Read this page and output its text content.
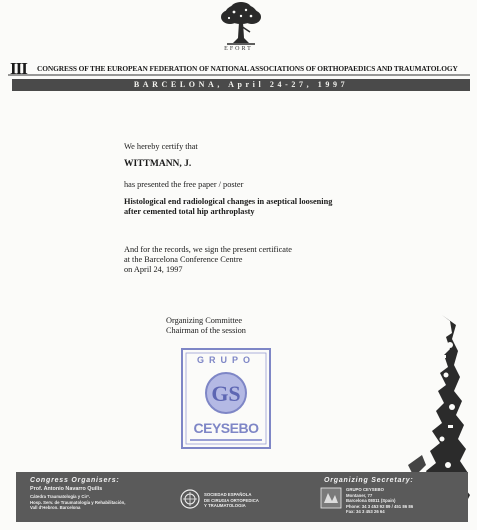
EFORT
III CONGRESS OF THE EUROPEAN FEDERATION OF NATIONAL ASSOCIATIONS OF ORTHOPAEDICS AND TRAUMATOLOGY
BARCELONA, April 24-27, 1997
We hereby certify that
WITTMANN, J.
has presented the free paper / poster
Histological end radiological changes in aseptical loosening
after cemented total hip arthroplasty
And for the records, we sign the present certificate
at the Barcelona Conference Centre
on April 24, 1997
Organizing Committee
Chairman of the session
GRUPO
GS
CEYSEBO
Congress Organisers:
Prof. Antonio Navarro Quilis
Cátedra Traumatología y Cirª.
Hosp. Serv. de Traumatología y Rehabilitación,
Vall d'Hebron. Barcelona
SOCIEDAD ESPAÑOLA
DE CIRUGIA ORTOPEDICA
Y TRAUMATOLOGIA
Organizing Secretary:
GRUPO CEYSEBO
Montaner, 77
Barcelona 08011 (Spain)
Phone: 34 3 453 92 89 / 451 86 86
Fax: 34 3 453 26 64
